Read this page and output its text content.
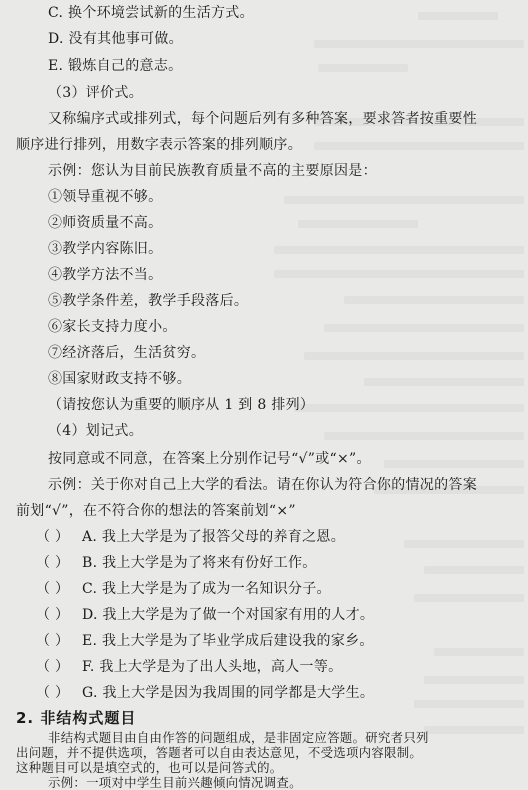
C. 换个环境尝试新的生活方式。
D. 没有其他事可做。
E. 锻炼自己的意志。
（3）评价式。
又称编序式或排列式，每个问题后列有多种答案，要求答者按重要性
顺序进行排列，用数字表示答案的排列顺序。
示例：您认为目前民族教育质量不高的主要原因是：
①领导重视不够。
②师资质量不高。
③教学内容陈旧。
④教学方法不当。
⑤教学条件差，教学手段落后。
⑥家长支持力度小。
⑦经济落后，生活贫穷。
⑧国家财政支持不够。
（请按您认为重要的顺序从 1 到 8 排列）
（4）划记式。
按同意或不同意，在答案上分别作记号“√”或“×”。
示例：关于你对自己上大学的看法。请在你认为符合你的情况的答案
前划“√”，在不符合你的想法的答案前划“×”
（ ） A. 我上大学是为了报答父母的养育之恩。
（ ） B. 我上大学是为了将来有份好工作。
（ ） C. 我上大学是为了成为一名知识分子。
（ ） D. 我上大学是为了做一个对国家有用的人才。
（ ） E. 我上大学是为了毕业学成后建设我的家乡。
（ ） F. 我上大学是为了出人头地，高人一等。
（ ） G. 我上大学是因为我周围的同学都是大学生。
2. 非结构式题目
非结构式题目由自由作答的问题组成，是非固定应答题。研究者只列
出问题，并不提供选项，答题者可以自由表达意见，不受选项内容限制。
这种题目可以是填空式的，也可以是问答式的。
示例：一项对中学生目前兴趣倾向情况调查。
